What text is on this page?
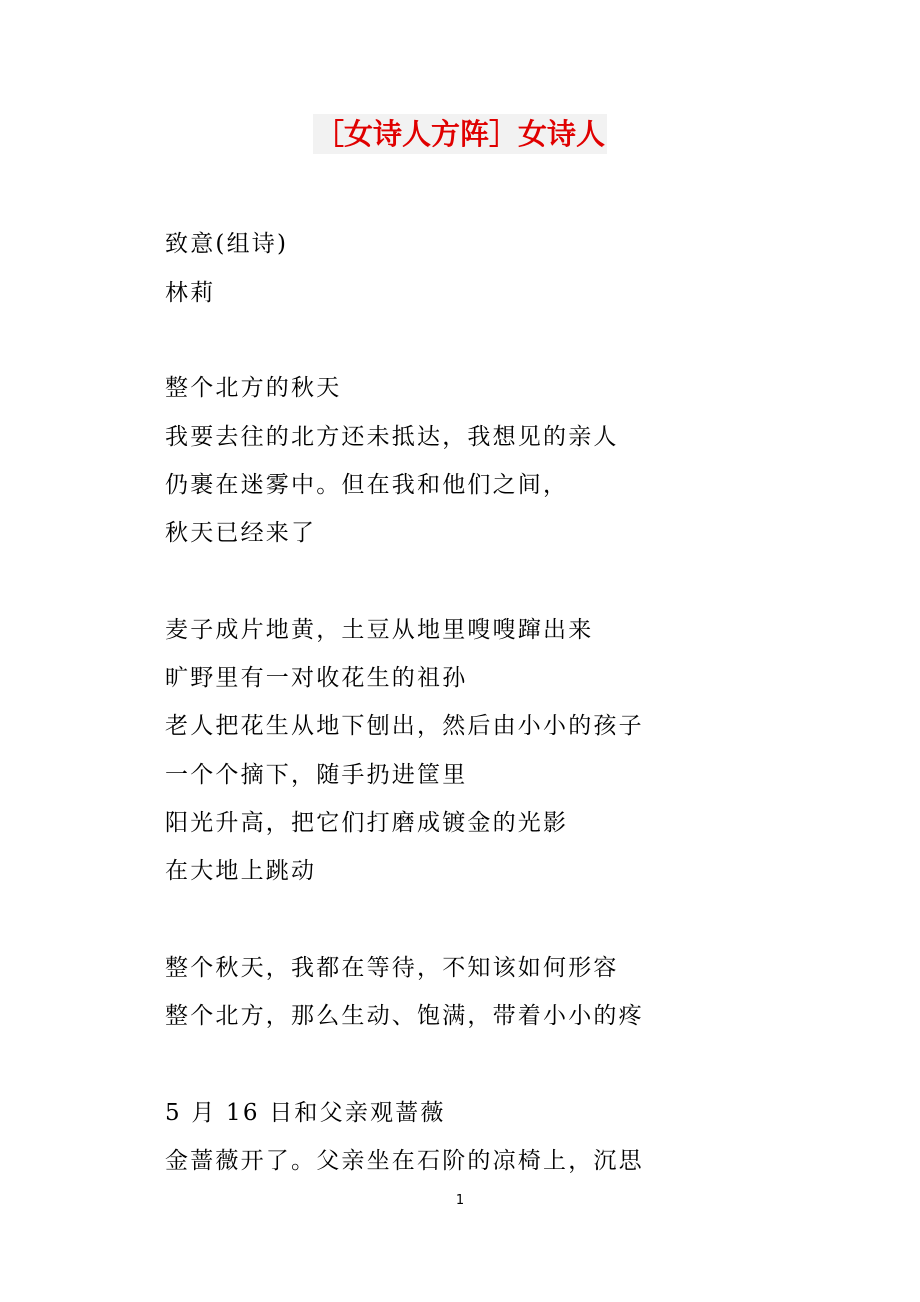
［女诗人方阵］女诗人
致意(组诗)
林莉
整个北方的秋天
我要去往的北方还未抵达，我想见的亲人
仍裹在迷雾中。但在我和他们之间，
秋天已经来了
麦子成片地黄，土豆从地里嗖嗖蹿出来
旷野里有一对收花生的祖孙
老人把花生从地下刨出，然后由小小的孩子
一个个摘下，随手扔进筐里
阳光升高，把它们打磨成镀金的光影
在大地上跳动
整个秋天，我都在等待，不知该如何形容
整个北方，那么生动、饱满，带着小小的疼
5 月 16 日和父亲观蔷薇
金蔷薇开了。父亲坐在石阶的凉椅上，沉思
1
